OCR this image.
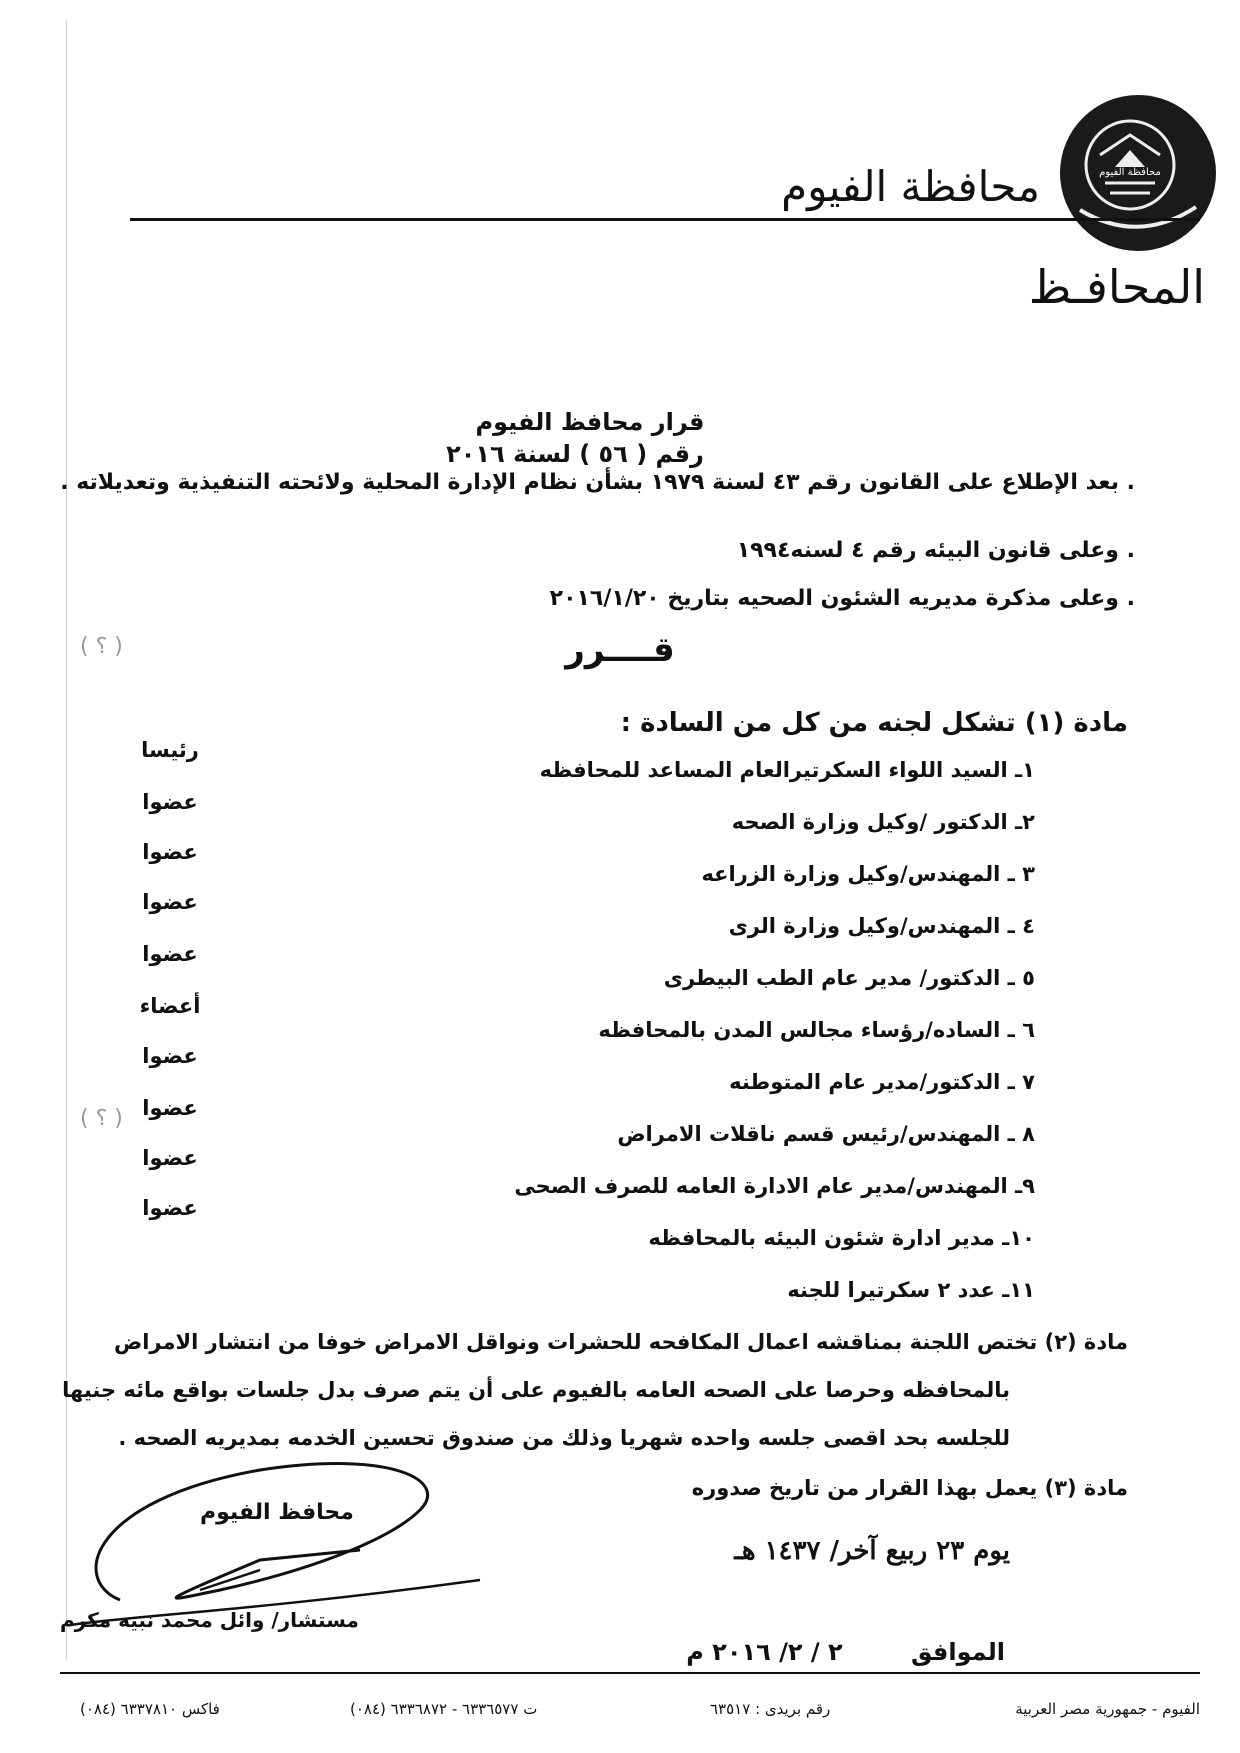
محافظة الفيوم
محافظة الفيوم
المحافـظ
قرار محافظ الفيوم
رقم ( ٥٦ ) لسنة ٢٠١٦
. بعد الإطلاع على القانون رقم ٤٣ لسنة ١٩٧٩ بشأن نظام الإدارة المحلية ولائحته التنفيذية وتعديلاته .
. وعلى قانون البيئه رقم ٤ لسنه١٩٩٤
. وعلى مذكرة مديريه الشئون الصحيه بتاريخ ٢٠١٦/١/٢٠
( ؟ )	قــــرر
مادة (١) تشكل لجنه من كل من السادة :
١ـ السيد اللواء السكرتيرالعام المساعد للمحافظه
رئيسا
٢ـ الدكتور /وكيل وزارة الصحه
عضوا
٣ ـ المهندس/وكيل وزارة الزراعه
عضوا
٤ ـ المهندس/وكيل وزارة الرى
عضوا
٥ ـ الدكتور/ مدير عام الطب البيطرى
عضوا
٦ ـ الساده/رؤساء مجالس المدن بالمحافظه
أعضاء
٧ ـ الدكتور/مدير عام المتوطنه
عضوا
٨ ـ المهندس/رئيس قسم ناقلات الامراض
عضوا
٩ـ المهندس/مدير عام الادارة العامه للصرف الصحى
عضوا
١٠ـ مدير ادارة شئون البيئه بالمحافظه
عضوا
١١ـ عدد ٢ سكرتيرا للجنه
( ؟ )
مادة (٢) تختص اللجنة بمناقشه اعمال المكافحه للحشرات ونواقل الامراض خوفا من انتشار الامراض
بالمحافظه وحرصا على الصحه العامه بالفيوم على أن يتم صرف بدل جلسات بواقع مائه جنيها
للجلسه بحد اقصى جلسه واحده شهريا وذلك من صندوق تحسين الخدمه بمديريه الصحه .
مادة (٣) يعمل بهذا القرار من تاريخ صدوره
يوم ٢٣ ربيع آخر/ ١٤٣٧ هـ
الموافق ٢ / ٢/ ٢٠١٦ م
محافظ الفيوم
مستشار/ وائل محمد نبيه مكرم
الفيوم - جمهورية مصر العربية
رقم بريدى : ٦٣٥١٧
ت ٦٣٣٦٥٧٧ - ٦٣٣٦٨٧٢ (٠٨٤)
فاكس ٦٣٣٧٨١٠ (٠٨٤)
